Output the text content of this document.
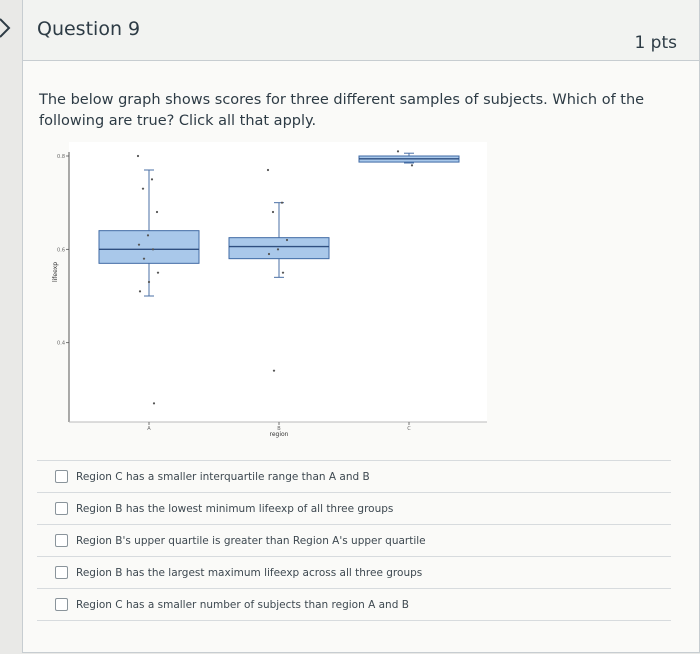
Question 9
1 pts
The below graph shows scores for three different samples of subjects. Which of the following are true? Click all that apply.
0.4
0.6
0.8
lifeexp
A	B	C
region
Region C has a smaller interquartile range than A and B
Region B has the lowest minimum lifeexp of all three groups
Region B's upper quartile is greater than Region A's upper quartile
Region B has the largest maximum lifeexp across all three groups
Region C has a smaller number of subjects than region A and B
